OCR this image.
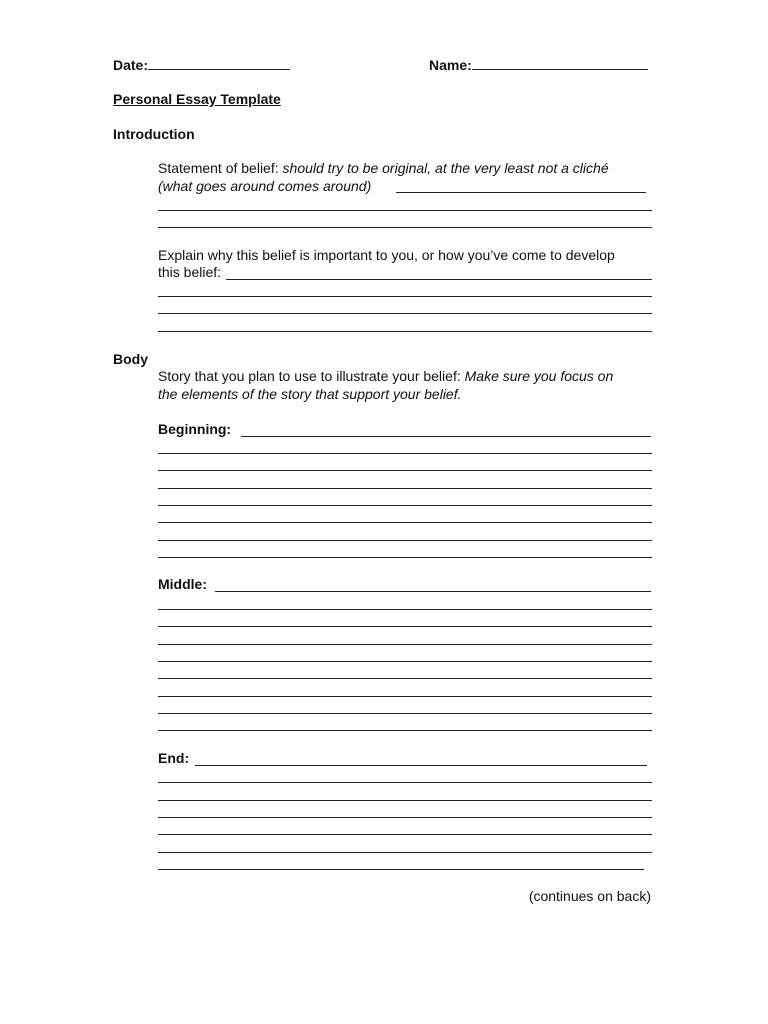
Date:	Name:
Personal Essay Template
Introduction
Statement of belief: should try to be original, at the very least not a cliché
(what goes around comes around)
Explain why this belief is important to you, or how you’ve come to develop
this belief:
Body
Story that you plan to use to illustrate your belief: Make sure you focus on
the elements of the story that support your belief.
Beginning:
Middle:
End:
(continues on back)
